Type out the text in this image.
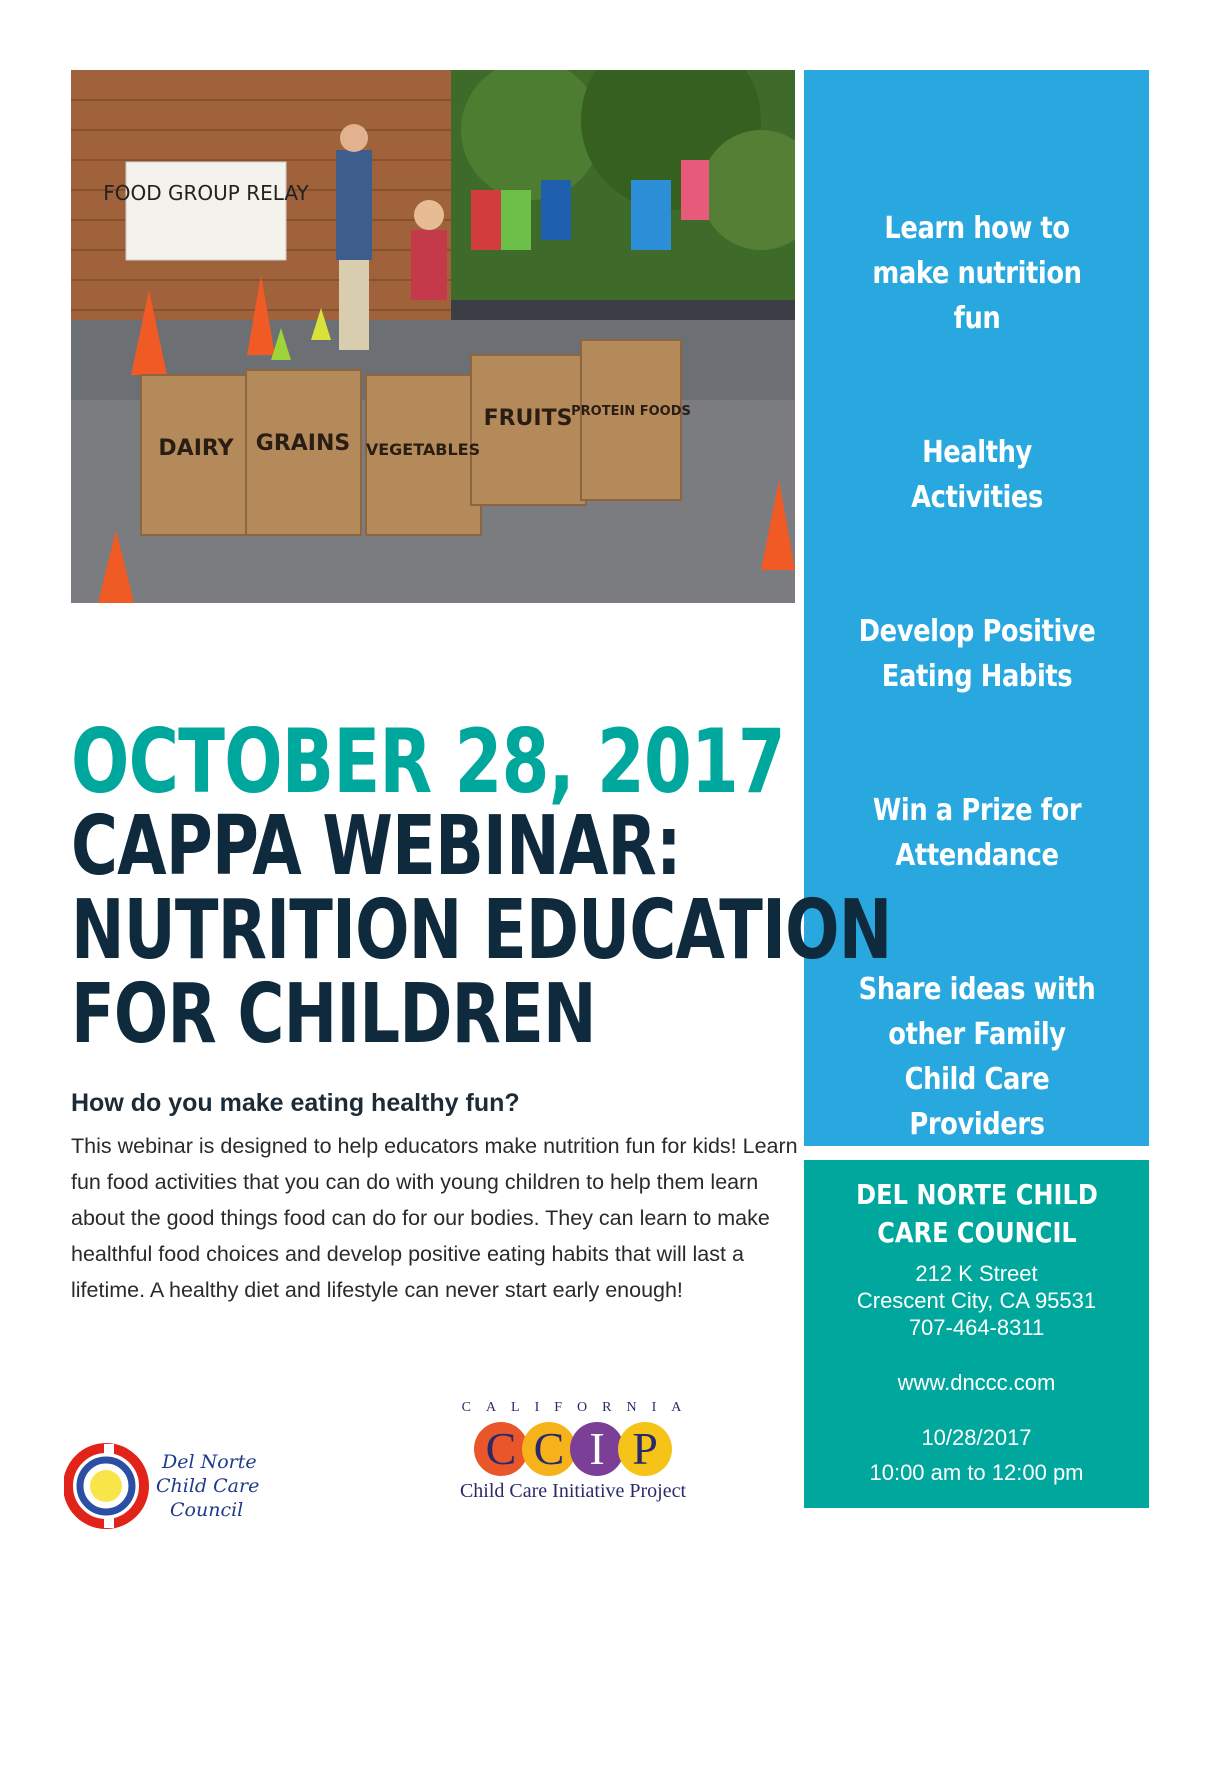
FOOD GROUP RELAY
DAIRY GRAINS VEGETABLES
FRUITS
PROTEIN FOODS
Learn how to make nutrition fun
Healthy Activities
Develop Positive Eating Habits
Win a Prize for Attendance
Share ideas with other Family Child Care Providers
DEL NORTE CHILD CARE COUNCIL
212 K Street
Crescent City, CA 95531
707-464-8311
www.dnccc.com
10/28/2017
10:00 am to 12:00 pm
OCTOBER 28, 2017
CAPPA WEBINAR:
NUTRITION EDUCATION
FOR CHILDREN
How do you make eating healthy fun?
This webinar is designed to help educators make nutrition fun for kids! Learn fun food activities that you can do with young children to help them learn about the good things food can do for our bodies. They can learn to make healthful food choices and develop positive eating habits that will last a lifetime. A healthy diet and lifestyle can never start early enough!
Del Norte
Child Care
Council
CALIFORNIA
C C I P
Child Care Initiative Project
